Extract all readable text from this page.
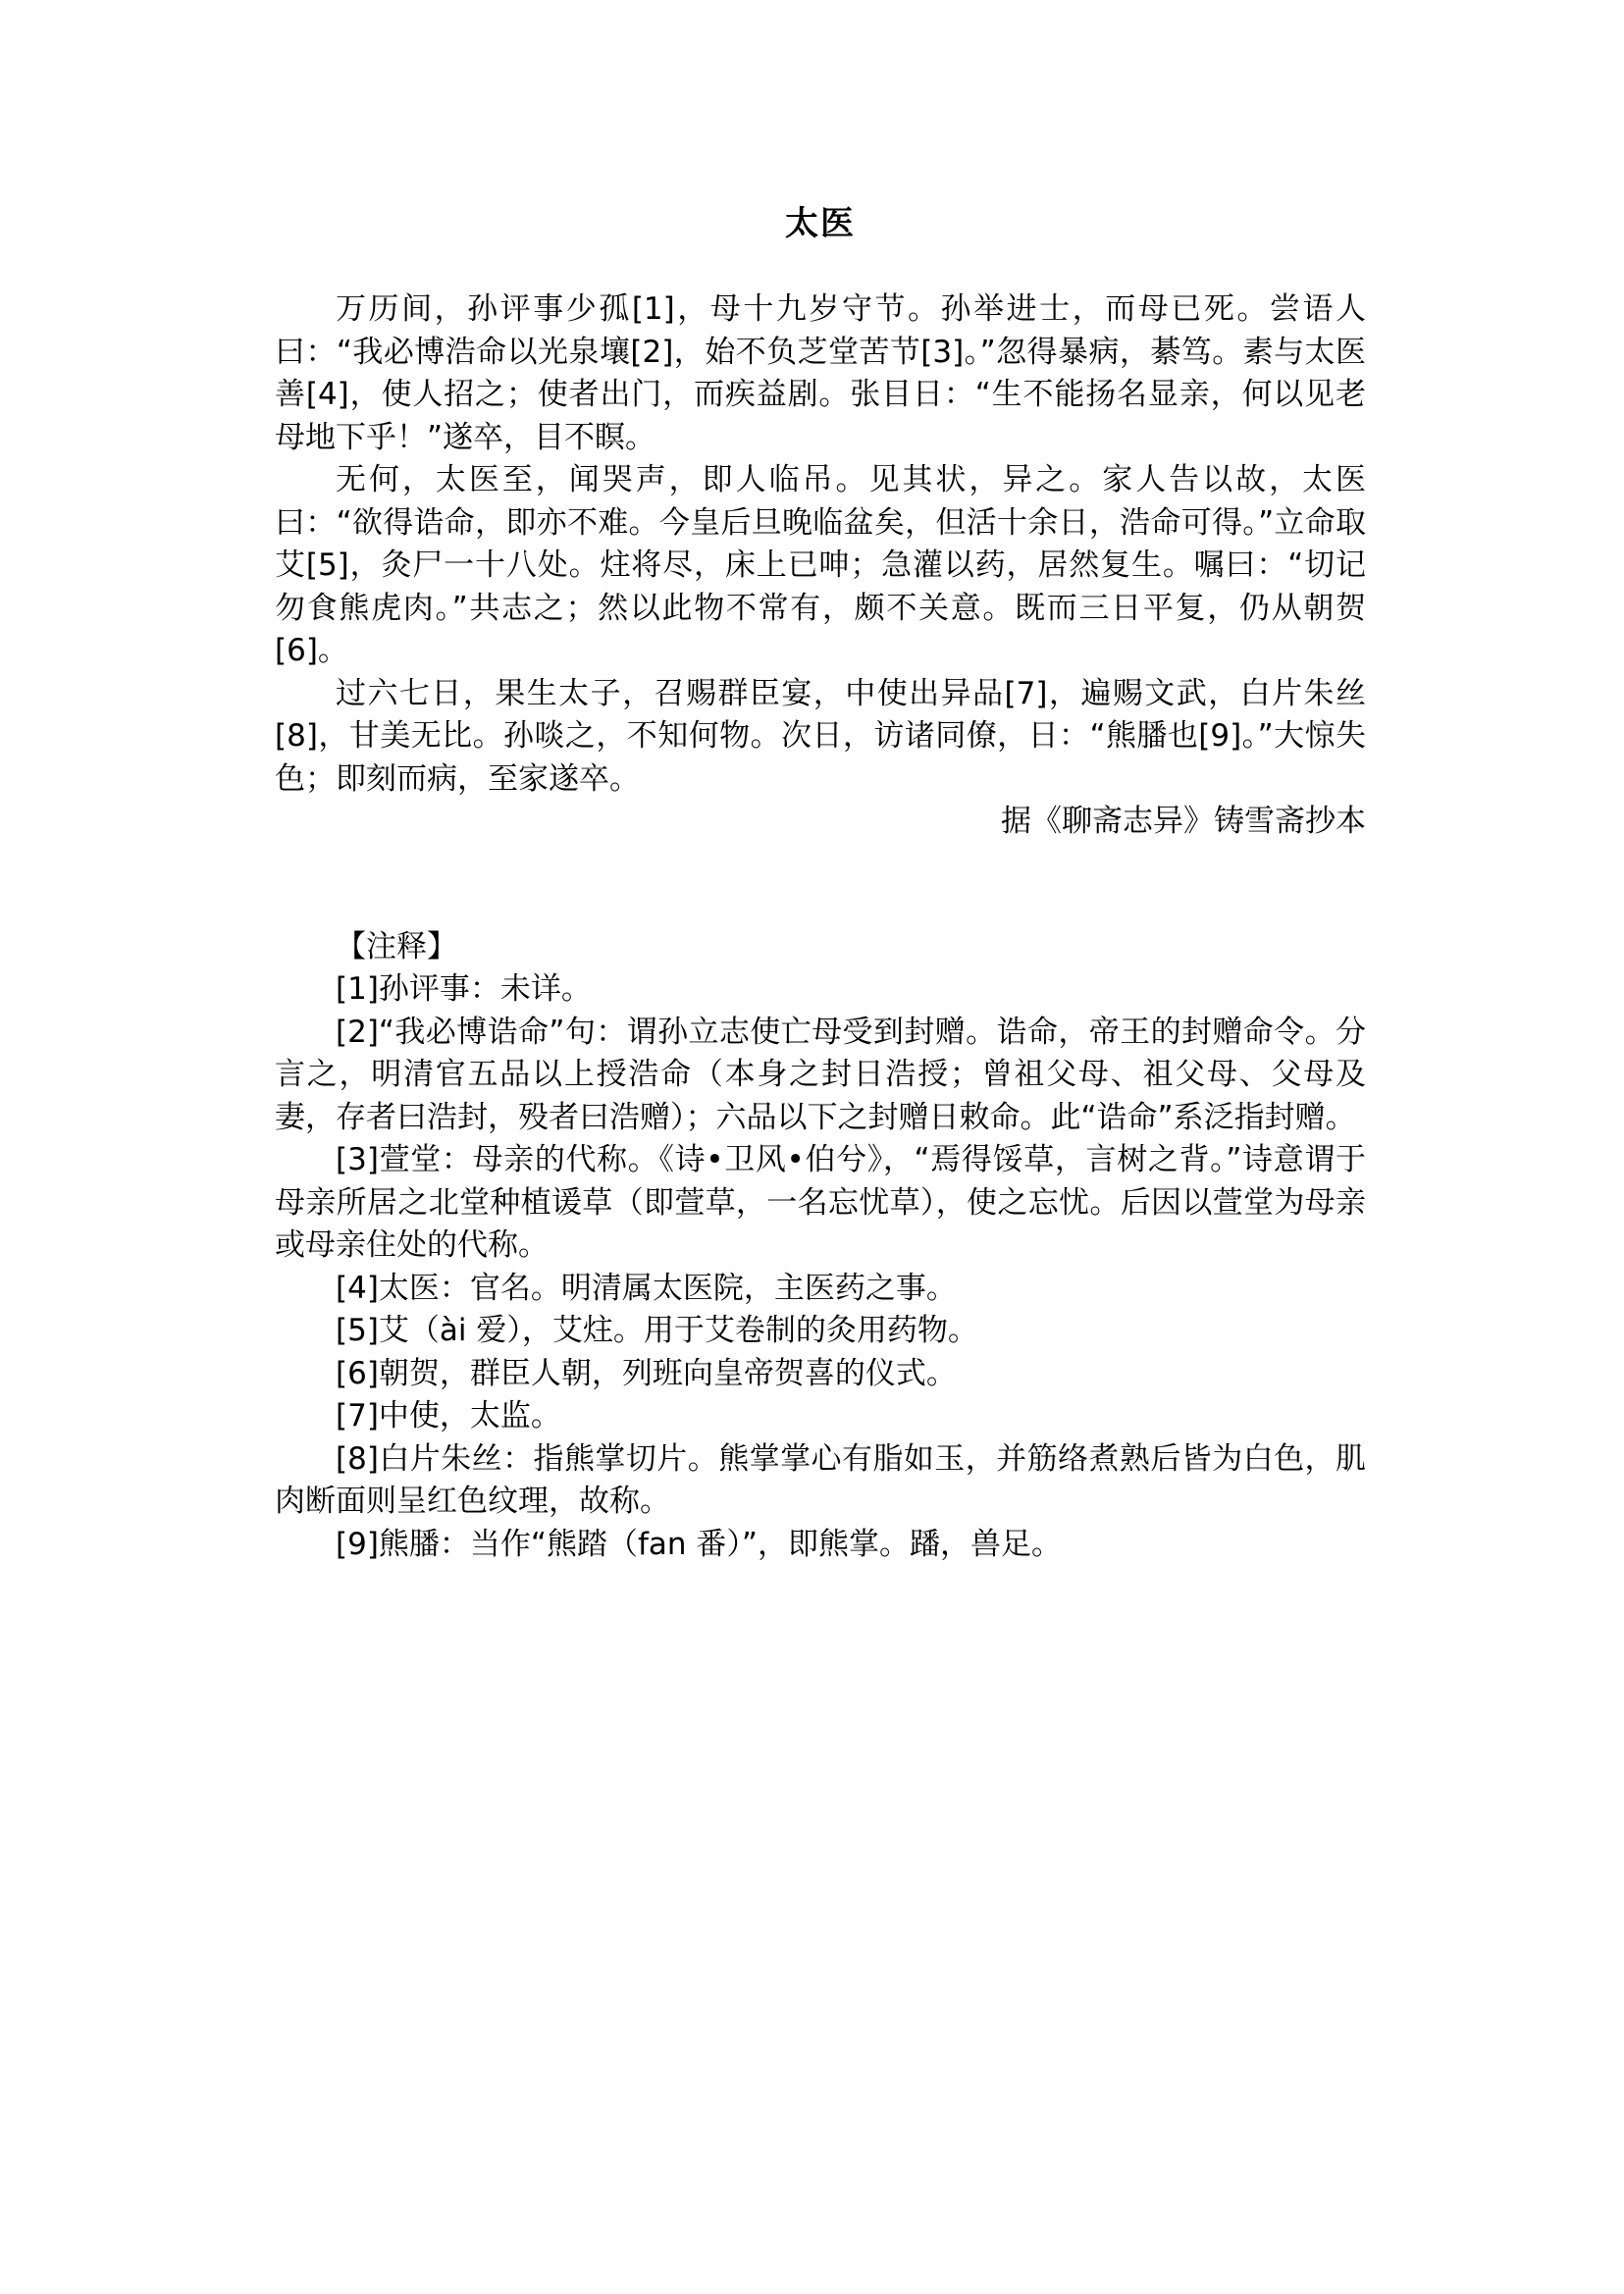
太医

万历间，孙评事少孤[1]，母十九岁守节。孙举进士，而母已死。尝语人曰：“我必博浩命以光泉壤[2]，始不负芝堂苦节[3]。”忽得暴病，綦笃。素与太医善[4]，使人招之；使者出门，而疾益剧。张目日：“生不能扬名显亲，何以见老母地下乎！”遂卒，目不瞑。

无何，太医至，闻哭声，即人临吊。见其状，异之。家人告以故，太医曰：“欲得诰命，即亦不难。今皇后旦晚临盆矣，但活十余日，浩命可得。”立命取艾[5]，灸尸一十八处。炷将尽，床上已呻；急灌以药，居然复生。嘱曰：“切记勿食熊虎肉。”共志之；然以此物不常有，颇不关意。既而三日平复，仍从朝贺[6]。

过六七日，果生太子，召赐群臣宴，中使出异品[7]，遍赐文武，白片朱丝[8]，甘美无比。孙啖之，不知何物。次日，访诸同僚，日：“熊膰也[9]。”大惊失色；即刻而病，至家遂卒。

据《聊斋志异》铸雪斋抄本

【注释】

[1]孙评事：未详。

[2]“我必博诰命”句：谓孙立志使亡母受到封赠。诰命，帝王的封赠命令。分言之，明清官五品以上授浩命（本身之封日浩授；曾祖父母、祖父母、父母及妻，存者曰浩封，殁者曰浩赠）；六品以下之封赠日敕命。此“诰命”系泛指封赠。

[3]萱堂：母亲的代称。《诗•卫风•伯兮》，“焉得馁草，言树之背。”诗意谓于母亲所居之北堂种植谖草（即萱草，一名忘忧草），使之忘忧。后因以萱堂为母亲或母亲住处的代称。

[4]太医：官名。明清属太医院，主医药之事。

[5]艾（ài 爱），艾炷。用于艾卷制的灸用药物。

[6]朝贺，群臣人朝，列班向皇帝贺喜的仪式。

[7]中使，太监。

[8]白片朱丝：指熊掌切片。熊掌掌心有脂如玉，并筋络煮熟后皆为白色，肌肉断面则呈红色纹理，故称。

[9]熊膰：当作“熊踏（fan 番）”，即熊掌。蹯，兽足。
